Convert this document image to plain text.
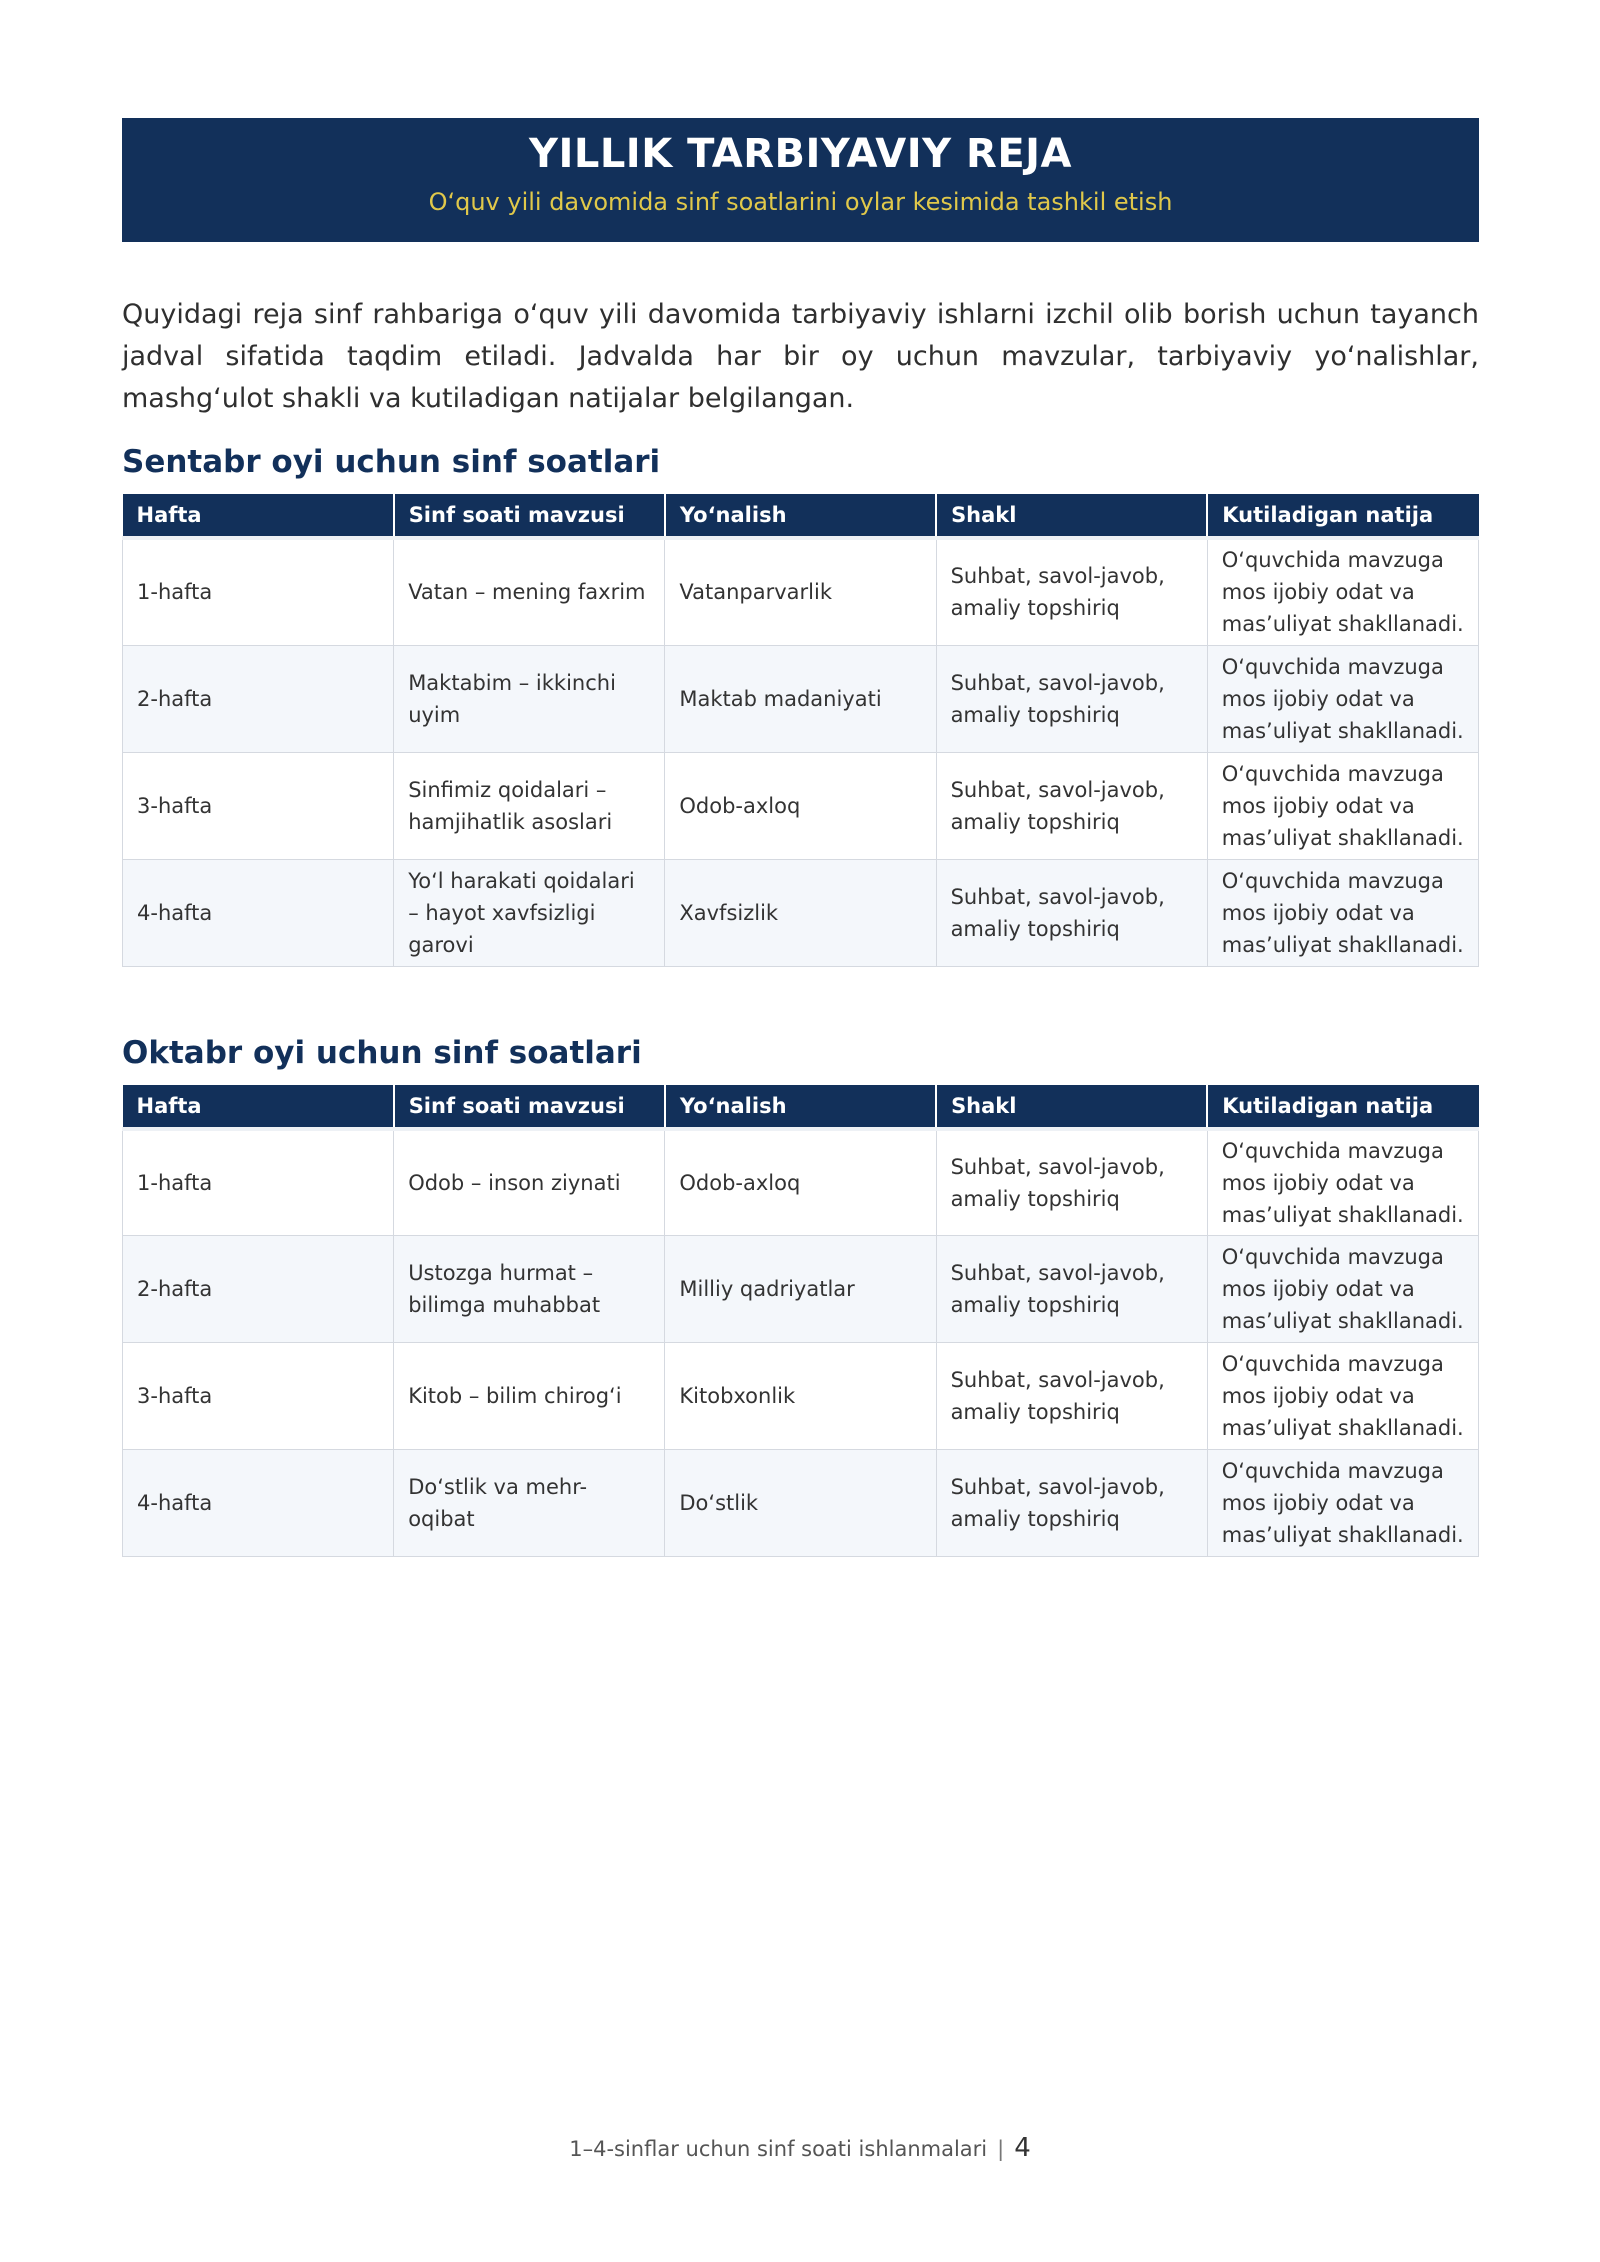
YILLIK TARBIYAVIY REJA
O‘quv yili davomida sinf soatlarini oylar kesimida tashkil etish

Quyidagi reja sinf rahbariga o‘quv yili davomida tarbiyaviy ishlarni izchil olib borish uchun tayanch jadval sifatida taqdim etiladi. Jadvalda har bir oy uchun mavzular, tarbiyaviy yo‘nalishlar, mashg‘ulot shakli va kutiladigan natijalar belgilangan.

Sentabr oyi uchun sinf soatlari
Hafta	Sinf soati mavzusi	Yo‘nalish	Shakl	Kutiladigan natija
1-hafta	Vatan – mening faxrim	Vatanparvarlik	Suhbat, savol-javob, amaliy topshiriq	O‘quvchida mavzuga mos ijobiy odat va mas’uliyat shakllanadi.
2-hafta	Maktabim – ikkinchi uyim	Maktab madaniyati	Suhbat, savol-javob, amaliy topshiriq	O‘quvchida mavzuga mos ijobiy odat va mas’uliyat shakllanadi.
3-hafta	Sinfimiz qoidalari – hamjihatlik asoslari	Odob-axloq	Suhbat, savol-javob, amaliy topshiriq	O‘quvchida mavzuga mos ijobiy odat va mas’uliyat shakllanadi.
4-hafta	Yo‘l harakati qoidalari – hayot xavfsizligi garovi	Xavfsizlik	Suhbat, savol-javob, amaliy topshiriq	O‘quvchida mavzuga mos ijobiy odat va mas’uliyat shakllanadi.
Oktabr oyi uchun sinf soatlari
Hafta	Sinf soati mavzusi	Yo‘nalish	Shakl	Kutiladigan natija
1-hafta	Odob – inson ziynati	Odob-axloq	Suhbat, savol-javob, amaliy topshiriq	O‘quvchida mavzuga mos ijobiy odat va mas’uliyat shakllanadi.
2-hafta	Ustozga hurmat – bilimga muhabbat	Milliy qadriyatlar	Suhbat, savol-javob, amaliy topshiriq	O‘quvchida mavzuga mos ijobiy odat va mas’uliyat shakllanadi.
3-hafta	Kitob – bilim chirog‘i	Kitobxonlik	Suhbat, savol-javob, amaliy topshiriq	O‘quvchida mavzuga mos ijobiy odat va mas’uliyat shakllanadi.
4-hafta	Do‘stlik va mehr-oqibat	Do‘stlik	Suhbat, savol-javob, amaliy topshiriq	O‘quvchida mavzuga mos ijobiy odat va mas’uliyat shakllanadi.
1–4-sinflar uchun sinf soati ishlanmalari | 4
